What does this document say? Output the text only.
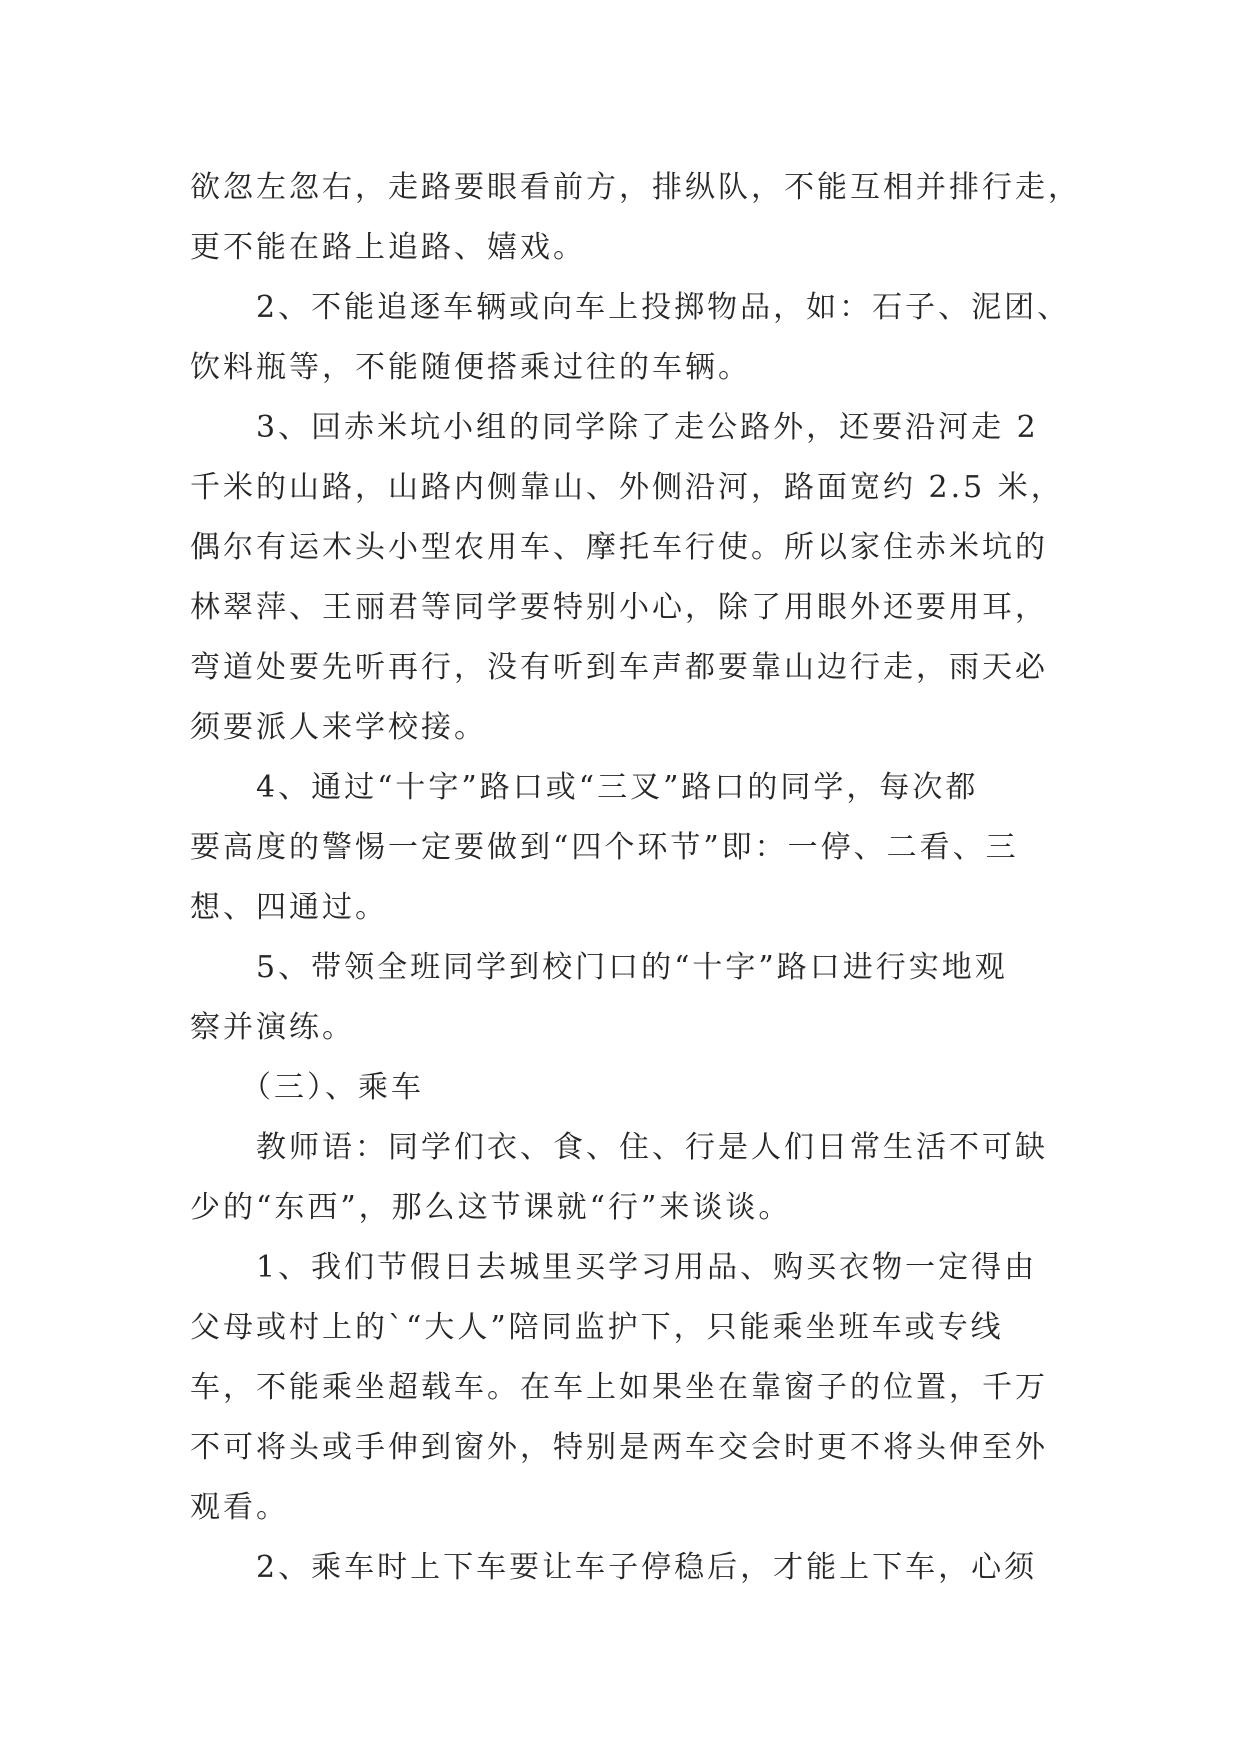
欲忽左忽右，走路要眼看前方，排纵队，不能互相并排行走，
更不能在路上追路、嬉戏。
　　2、不能追逐车辆或向车上投掷物品，如：石子、泥团、
饮料瓶等，不能随便搭乘过往的车辆。
　　3、回赤米坑小组的同学除了走公路外，还要沿河走 2
千米的山路，山路内侧靠山、外侧沿河，路面宽约 2.5 米，
偶尔有运木头小型农用车、摩托车行使。所以家住赤米坑的
林翠萍、王丽君等同学要特别小心，除了用眼外还要用耳，
弯道处要先听再行，没有听到车声都要靠山边行走，雨天必
须要派人来学校接。
　　4、通过“十字”路口或“三叉”路口的同学，每次都
要高度的警惕一定要做到“四个环节”即：一停、二看、三
想、四通过。
　　5、带领全班同学到校门口的“十字”路口进行实地观
察并演练。
　　（三）、乘车
　　教师语：同学们衣、食、住、行是人们日常生活不可缺
少的“东西”，那么这节课就“行”来谈谈。
　　1、我们节假日去城里买学习用品、购买衣物一定得由
父母或村上的`“大人”陪同监护下，只能乘坐班车或专线
车，不能乘坐超载车。在车上如果坐在靠窗子的位置，千万
不可将头或手伸到窗外，特别是两车交会时更不将头伸至外
观看。
　　2、乘车时上下车要让车子停稳后，才能上下车，心须
